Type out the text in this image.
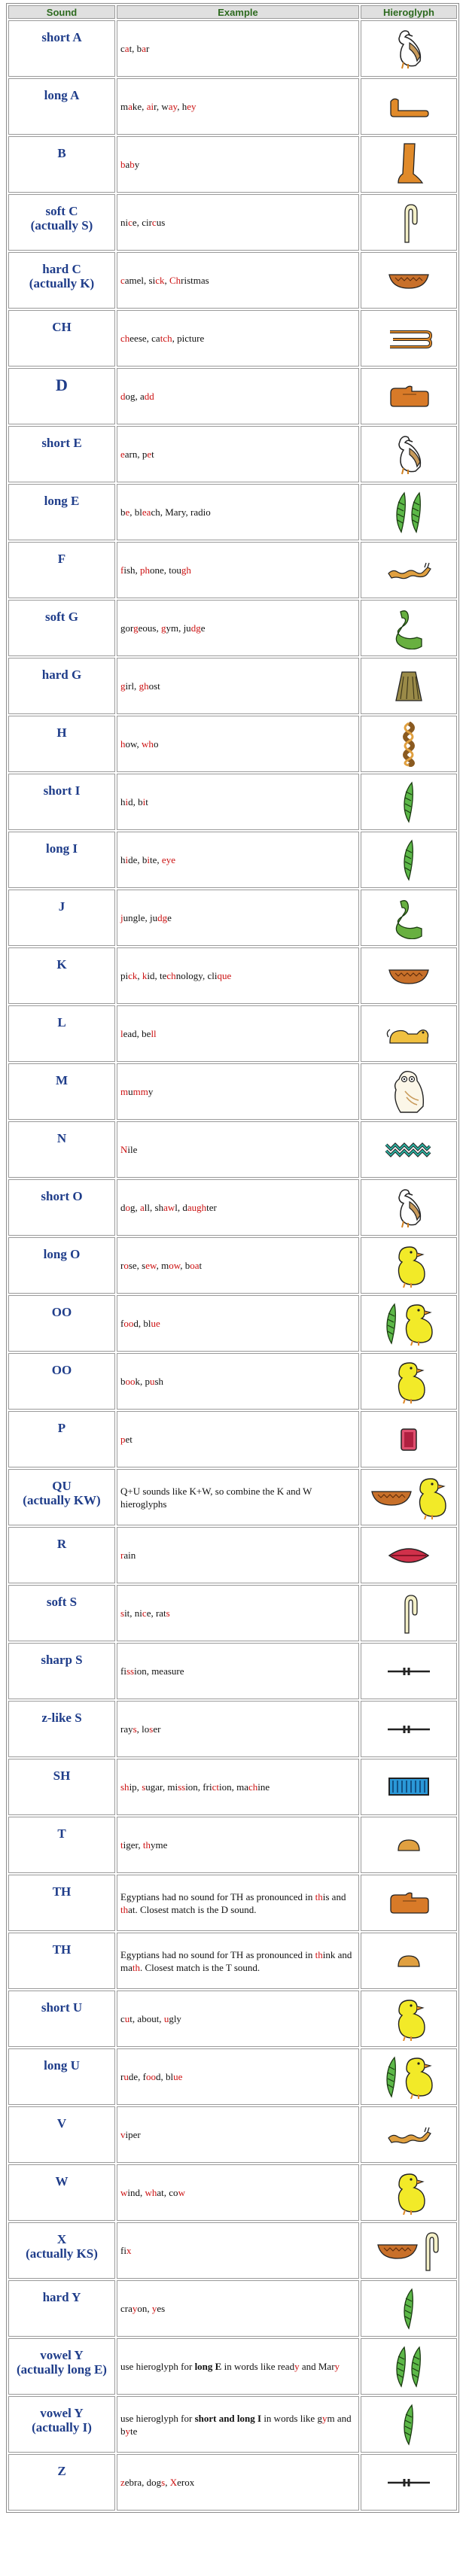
Sound	Example	Hieroglyph

short A	cat, bar	

long A	make, air, way, hey	

B	baby	

soft C
(actually S)	nice, circus	

hard C
(actually K)	camel, sick, Christmas	

CH	cheese, catch, picture	

D	dog, add	

short E	earn, pet	

long E	be, bleach, Mary, radio	

F	fish, phone, tough	

soft G	gorgeous, gym, judge	

hard G	girl, ghost	

H	how, who	

short I	hid, bit	

long I	hide, bite, eye	

J	jungle, judge	

K	pick, kid, technology, clique	

L	lead, bell	

M	mummy	

N	Nile	

short O	dog, all, shawl, daughter	

long O	rose, sew, mow, boat	

OO	food, blue	

OO	book, push	

P	pet	

QU
(actually KW)	Q+U sounds like K+W, so combine the K and W hieroglyphs	

R	rain	

soft S	sit, nice, rats	

sharp S	fission, measure	

z-like S	rays, loser	

SH	ship, sugar, mission, friction, machine	

T	tiger, thyme	

TH	Egyptians had no sound for TH as pronounced in this and that. Closest match is the D sound.	

TH	Egyptians had no sound for TH as pronounced in think and math. Closest match is the T sound.	

short U	cut, about, ugly	

long U	rude, food, blue	

V	viper	

W	wind, what, cow	

X
(actually KS)	fix	

hard Y	crayon, yes	

vowel Y
(actually long E)	use hieroglyph for long E in words like ready and Mary	

vowel Y
(actually I)	use hieroglyph for short and long I in words like gym and byte	

Z	zebra, dogs, Xerox	
